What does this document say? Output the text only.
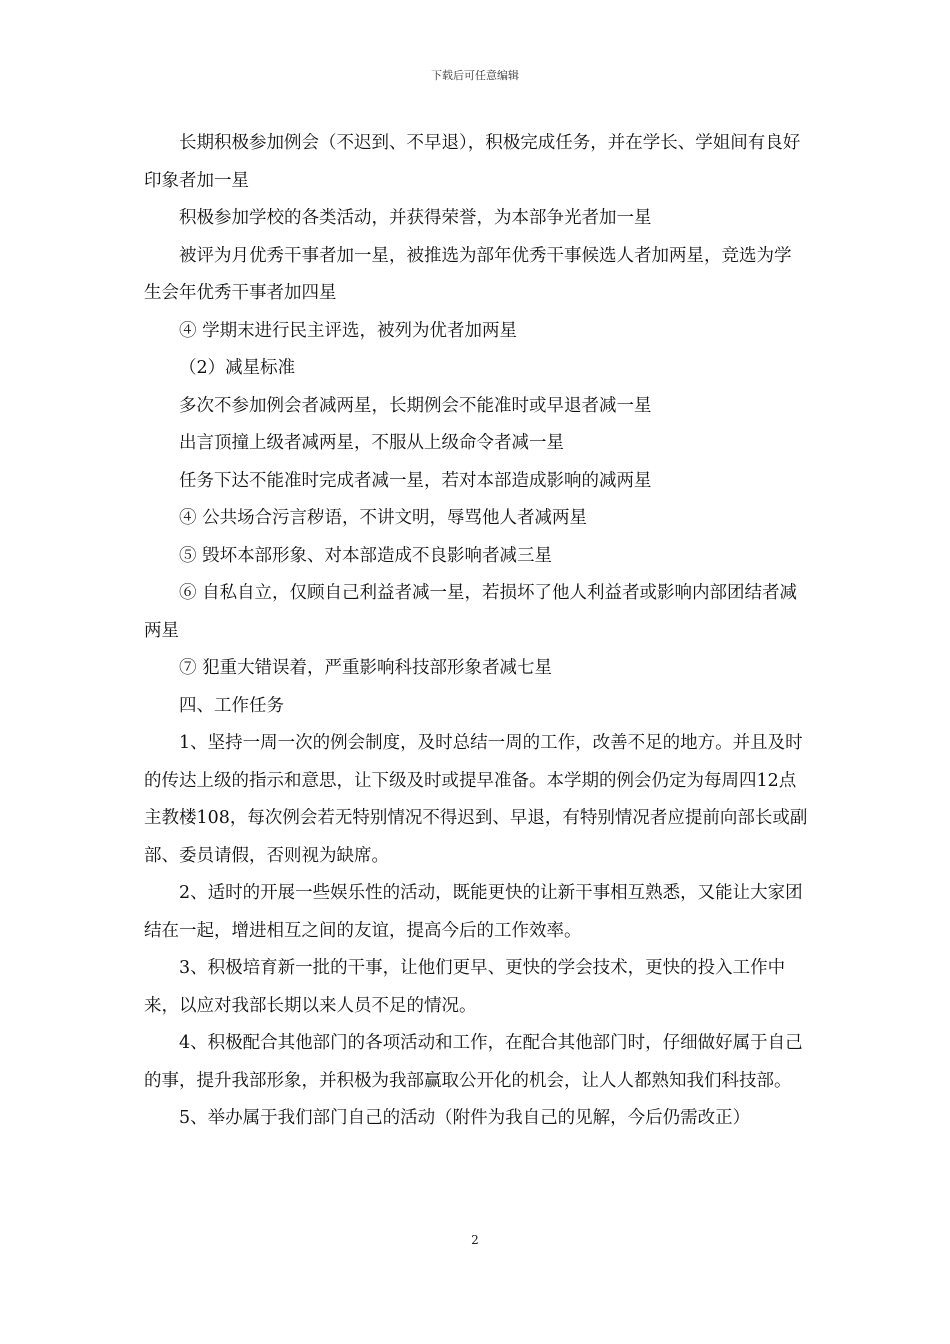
下载后可任意编辑

长期积极参加例会（不迟到、不早退），积极完成任务，并在学长、学姐间有良好印象者加一星

积极参加学校的各类活动，并获得荣誉，为本部争光者加一星

被评为月优秀干事者加一星，被推选为部年优秀干事候选人者加两星，竞选为学生会年优秀干事者加四星

④ 学期末进行民主评选，被列为优者加两星

（2）减星标准

多次不参加例会者减两星，长期例会不能准时或早退者减一星

出言顶撞上级者减两星，不服从上级命令者减一星

任务下达不能准时完成者减一星，若对本部造成影响的减两星

④ 公共场合污言秽语，不讲文明，辱骂他人者减两星

⑤ 毁坏本部形象、对本部造成不良影响者减三星

⑥ 自私自立，仅顾自己利益者减一星，若损坏了他人利益者或影响内部团结者减两星

⑦ 犯重大错误着，严重影响科技部形象者减七星

四、工作任务

1、坚持一周一次的例会制度，及时总结一周的工作，改善不足的地方。并且及时的传达上级的指示和意思，让下级及时或提早准备。本学期的例会仍定为每周四12点主教楼108，每次例会若无特别情况不得迟到、早退，有特别情况者应提前向部长或副部、委员请假，否则视为缺席。

2、适时的开展一些娱乐性的活动，既能更快的让新干事相互熟悉，又能让大家团结在一起，增进相互之间的友谊，提高今后的工作效率。

3、积极培育新一批的干事，让他们更早、更快的学会技术，更快的投入工作中来，以应对我部长期以来人员不足的情况。

4、积极配合其他部门的各项活动和工作，在配合其他部门时，仔细做好属于自己的事，提升我部形象，并积极为我部赢取公开化的机会，让人人都熟知我们科技部。

5、举办属于我们部门自己的活动（附件为我自己的见解，今后仍需改正）

2
